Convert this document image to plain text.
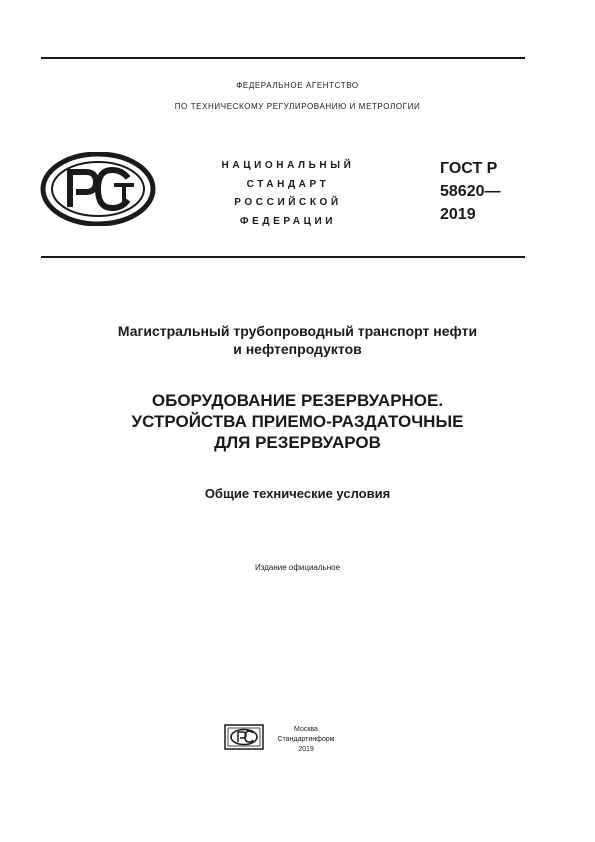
ФЕДЕРАЛЬНОЕ АГЕНТСТВО
ПО ТЕХНИЧЕСКОМУ РЕГУЛИРОВАНИЮ И МЕТРОЛОГИИ
НАЦИОНАЛЬНЫЙ
СТАНДАРТ
РОССИЙСКОЙ
ФЕДЕРАЦИИ
ГОСТ Р
58620—
2019
Магистральный трубопроводный транспорт нефти
и нефтепродуктов
ОБОРУДОВАНИЕ РЕЗЕРВУАРНОЕ.
УСТРОЙСТВА ПРИЕМО-РАЗДАТОЧНЫЕ
ДЛЯ РЕЗЕРВУАРОВ
Общие технические условия
Издание официальное
Москва
Стандартинформ
2019
